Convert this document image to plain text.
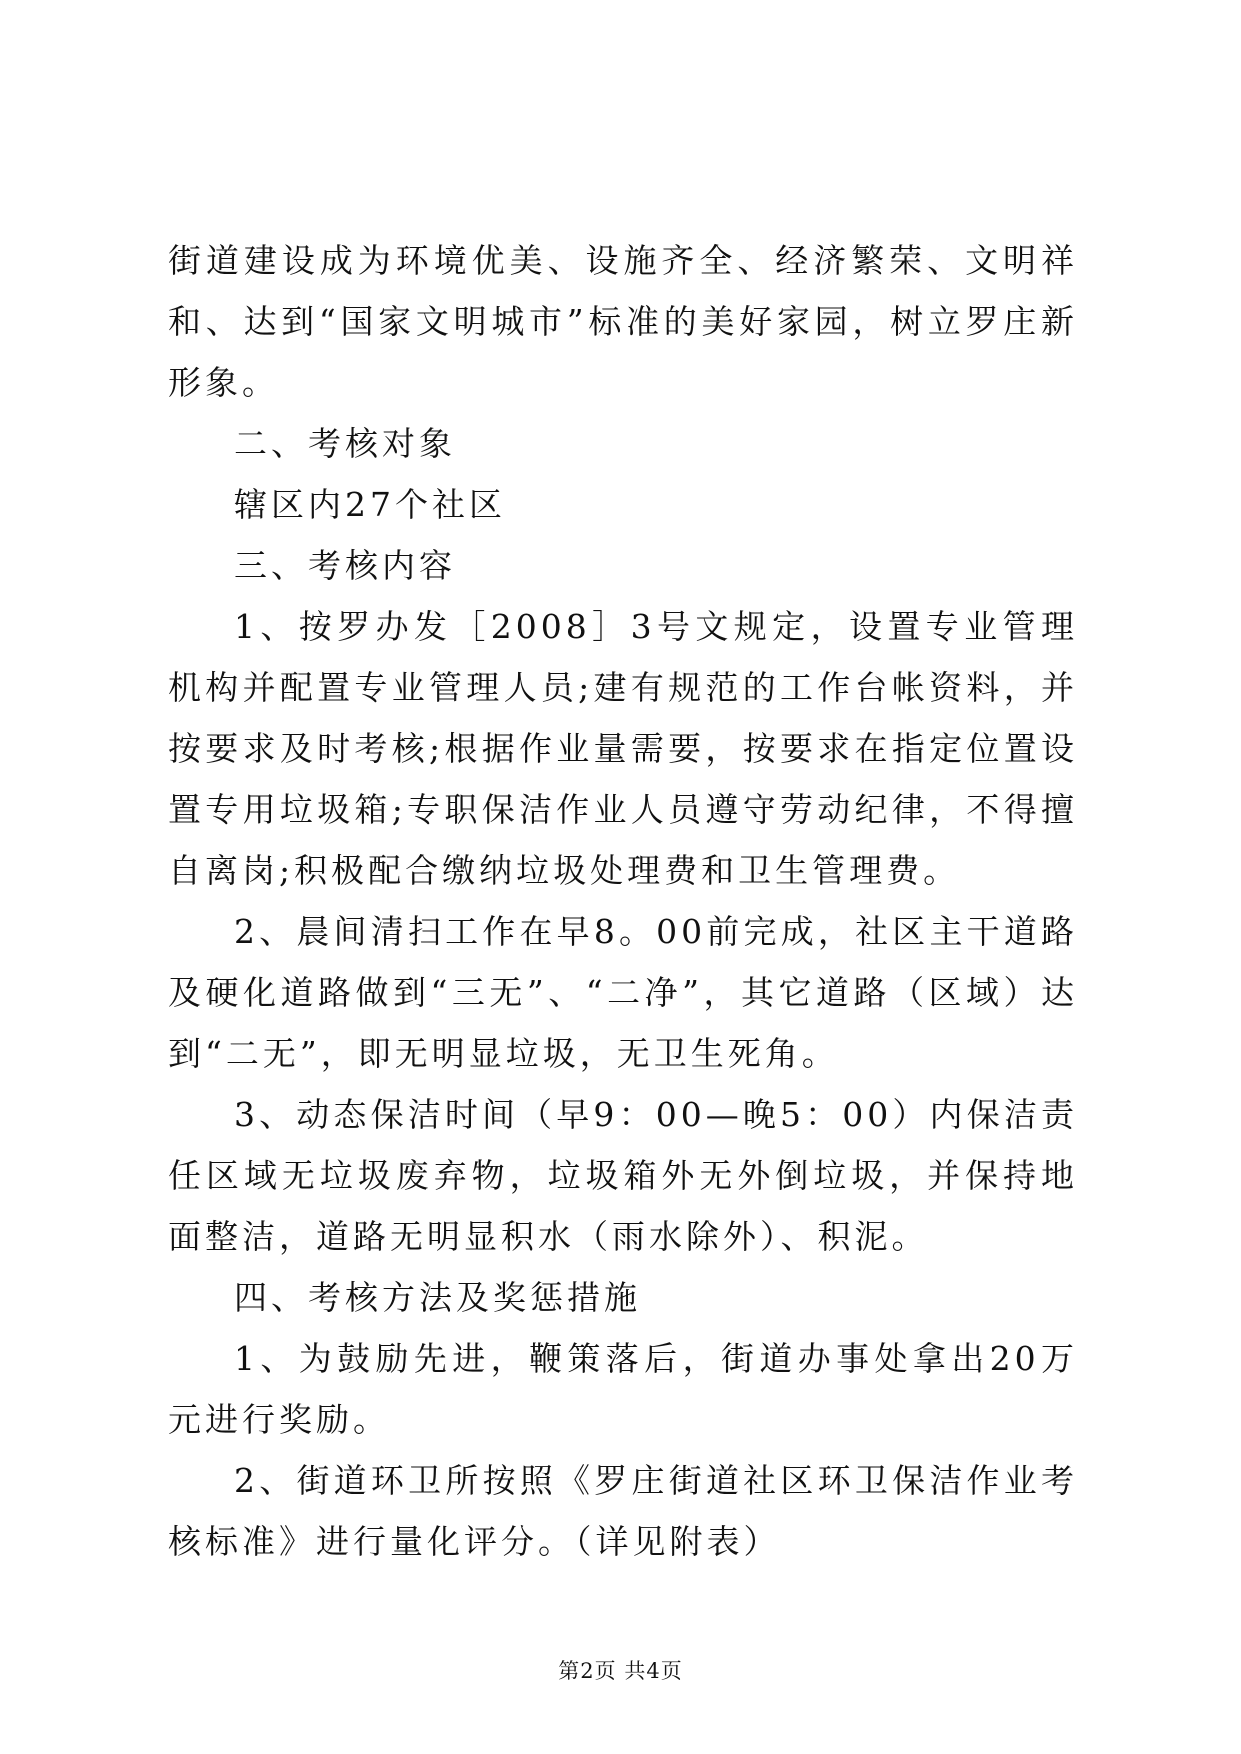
街道建设成为环境优美、设施齐全、经济繁荣、文明祥和、达到“国家文明城市”标准的美好家园，树立罗庄新形象。

二、考核对象

辖区内27个社区

三、考核内容

1、按罗办发［2008］3号文规定，设置专业管理机构并配置专业管理人员;建有规范的工作台帐资料，并按要求及时考核;根据作业量需要，按要求在指定位置设置专用垃圾箱;专职保洁作业人员遵守劳动纪律，不得擅自离岗;积极配合缴纳垃圾处理费和卫生管理费。

2、晨间清扫工作在早8。00前完成，社区主干道路及硬化道路做到“三无”、“二净”，其它道路（区域）达到“二无”，即无明显垃圾，无卫生死角。

3、动态保洁时间（早9：00—晚5：00）内保洁责任区域无垃圾废弃物，垃圾箱外无外倒垃圾，并保持地面整洁，道路无明显积水（雨水除外）、积泥。

四、考核方法及奖惩措施

1、为鼓励先进，鞭策落后，街道办事处拿出20万元进行奖励。

2、街道环卫所按照《罗庄街道社区环卫保洁作业考核标准》进行量化评分。（详见附表）

第2页 共4页
